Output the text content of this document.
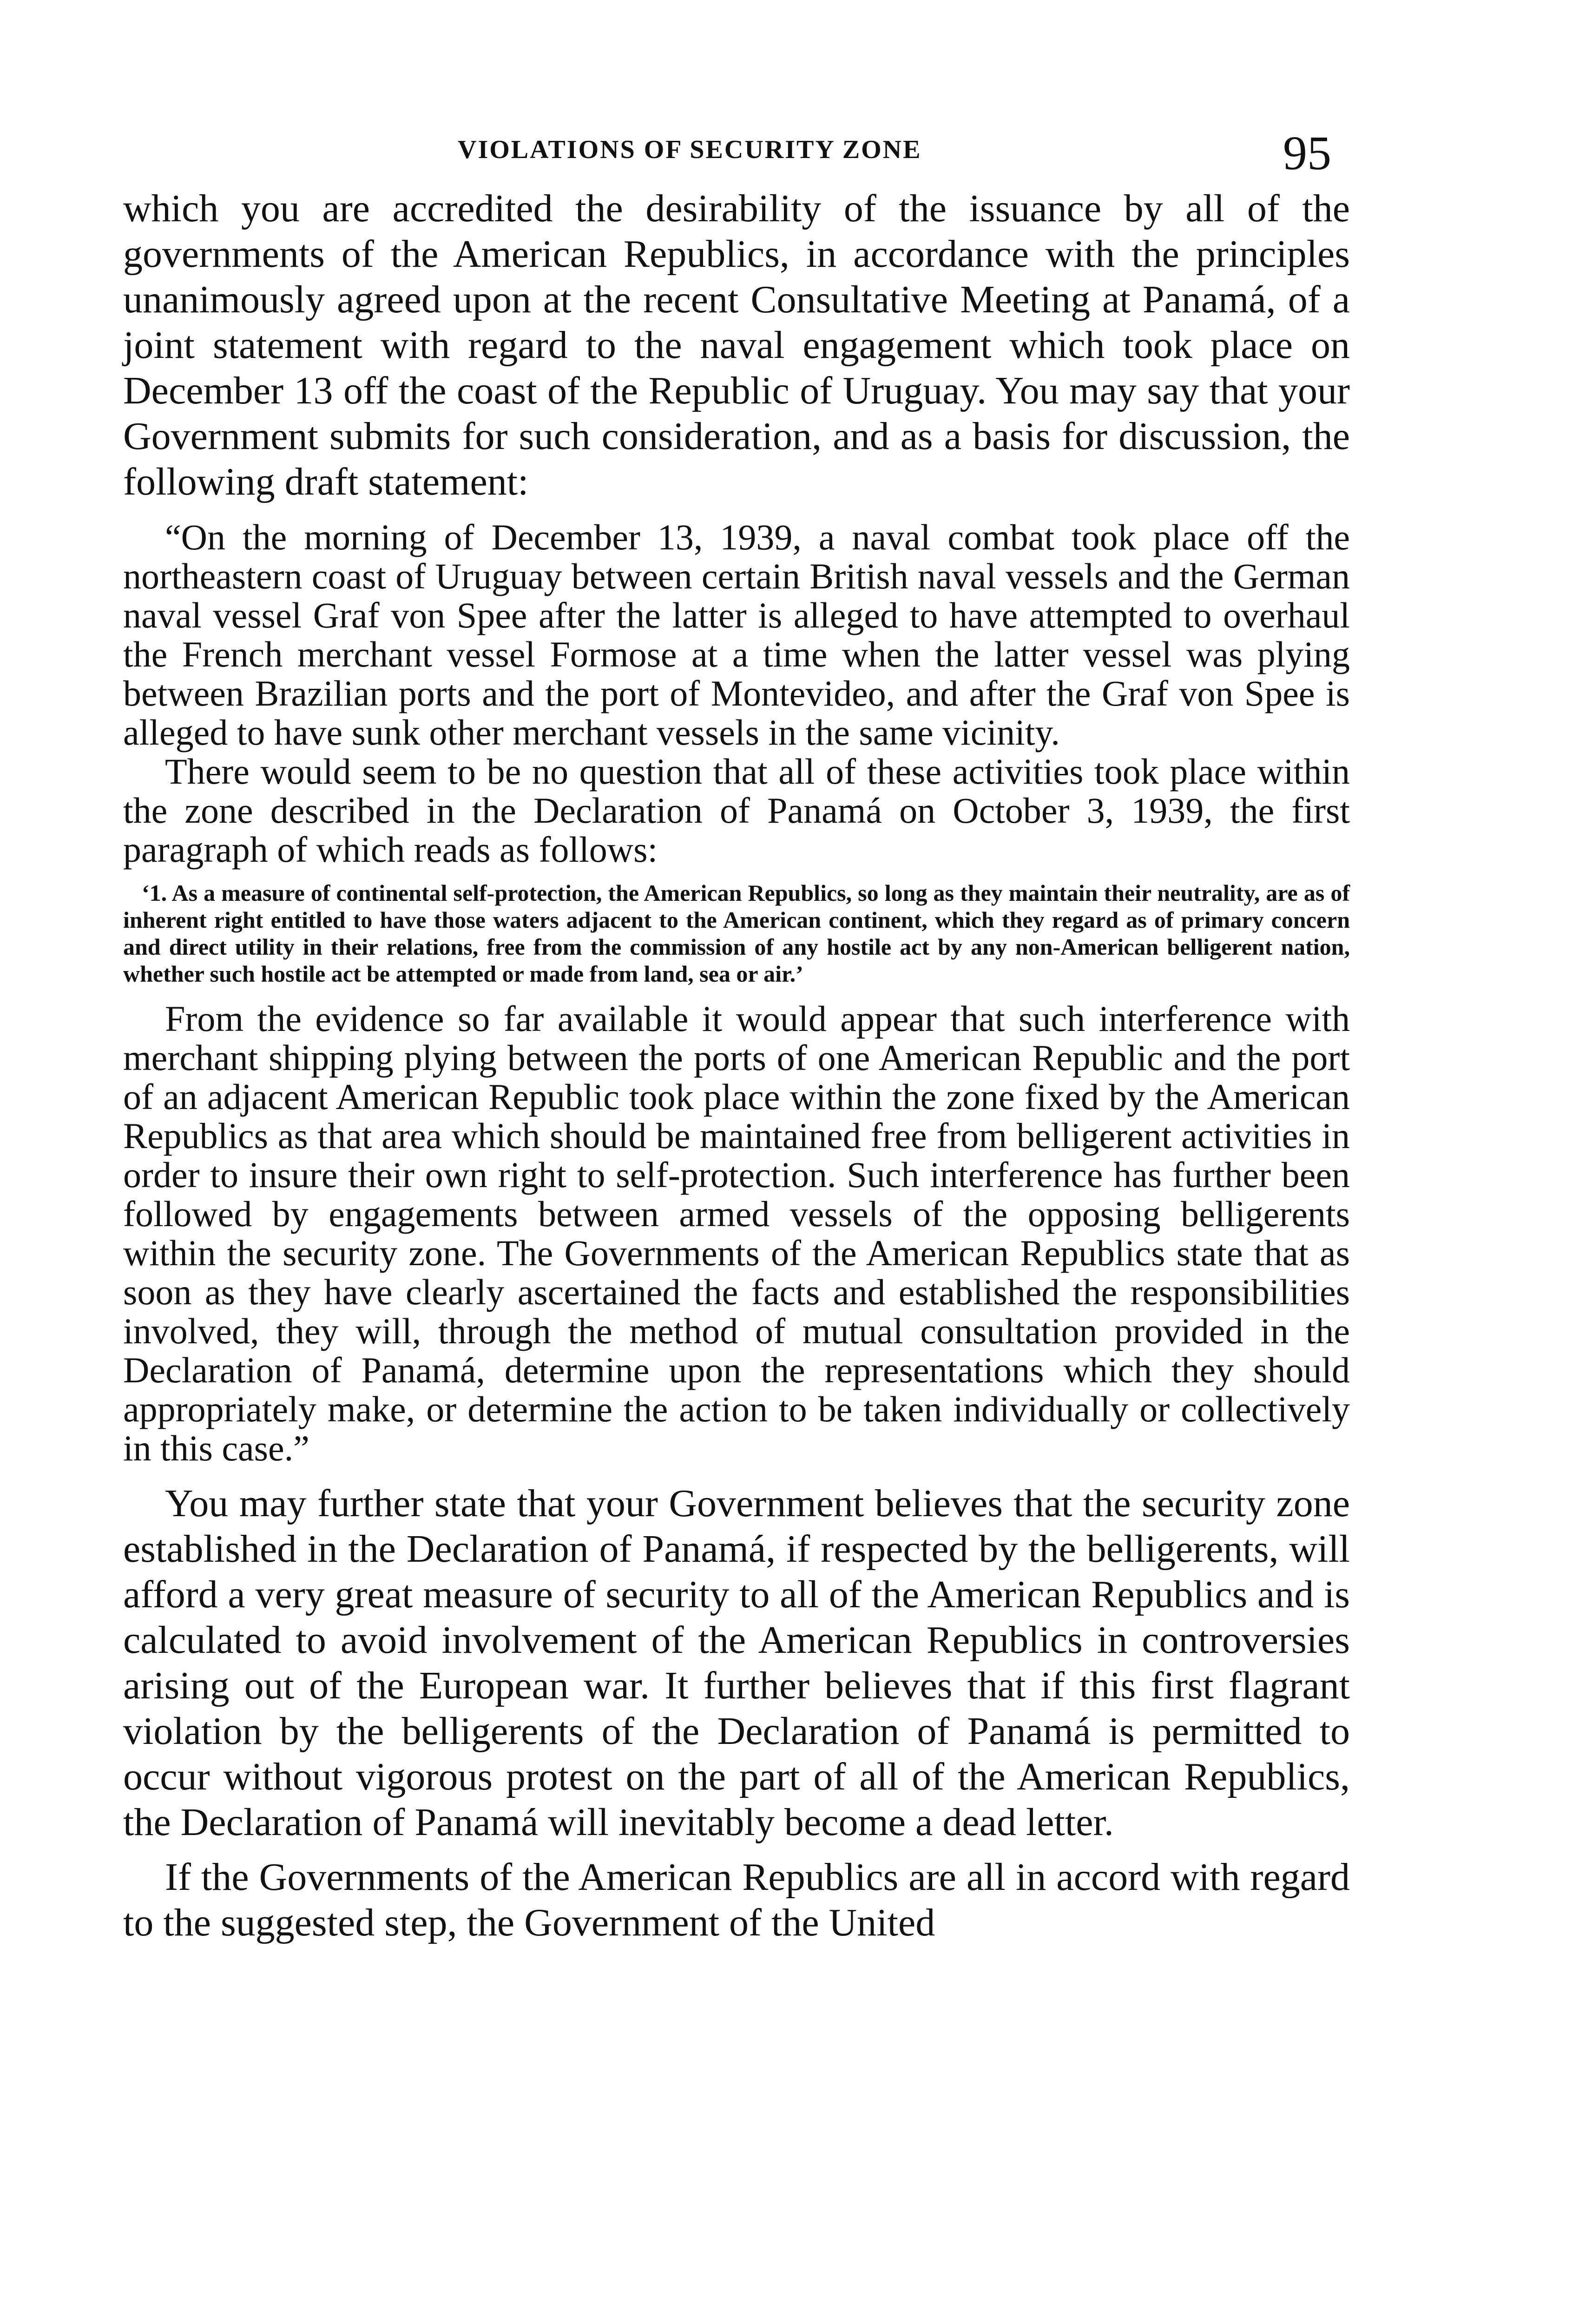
VIOLATIONS OF SECURITY ZONE	95

which you are accredited the desirability of the issuance by all of the governments of the American Republics, in accordance with the principles unanimously agreed upon at the recent Consultative Meeting at Panamá, of a joint statement with regard to the naval engagement which took place on December 13 off the coast of the Republic of Uruguay. You may say that your Government submits for such consideration, and as a basis for discussion, the following draft statement:

“On the morning of December 13, 1939, a naval combat took place off the northeastern coast of Uruguay between certain British naval vessels and the German naval vessel Graf von Spee after the latter is alleged to have attempted to overhaul the French merchant vessel Formose at a time when the latter vessel was plying between Brazilian ports and the port of Montevideo, and after the Graf von Spee is alleged to have sunk other merchant vessels in the same vicinity.

There would seem to be no question that all of these activities took place within the zone described in the Declaration of Panamá on October 3, 1939, the first paragraph of which reads as follows:

‘1. As a measure of continental self-protection, the American Republics, so long as they maintain their neutrality, are as of inherent right entitled to have those waters adjacent to the American continent, which they regard as of primary concern and direct utility in their relations, free from the commission of any hostile act by any non-American belligerent nation, whether such hostile act be attempted or made from land, sea or air.’

From the evidence so far available it would appear that such interference with merchant shipping plying between the ports of one American Republic and the port of an adjacent American Republic took place within the zone fixed by the American Republics as that area which should be maintained free from belligerent activities in order to insure their own right to self-protection. Such interference has further been followed by engagements between armed vessels of the opposing belligerents within the security zone. The Governments of the American Republics state that as soon as they have clearly ascertained the facts and established the responsibilities involved, they will, through the method of mutual consultation provided in the Declaration of Panamá, determine upon the representations which they should appropriately make, or determine the action to be taken individually or collectively in this case.”

You may further state that your Government believes that the security zone established in the Declaration of Panamá, if respected by the belligerents, will afford a very great measure of security to all of the American Republics and is calculated to avoid involvement of the American Republics in controversies arising out of the European war. It further believes that if this first flagrant violation by the belligerents of the Declaration of Panamá is permitted to occur without vigorous protest on the part of all of the American Republics, the Declaration of Panamá will inevitably become a dead letter.

If the Governments of the American Republics are all in accord with regard to the suggested step, the Government of the United
